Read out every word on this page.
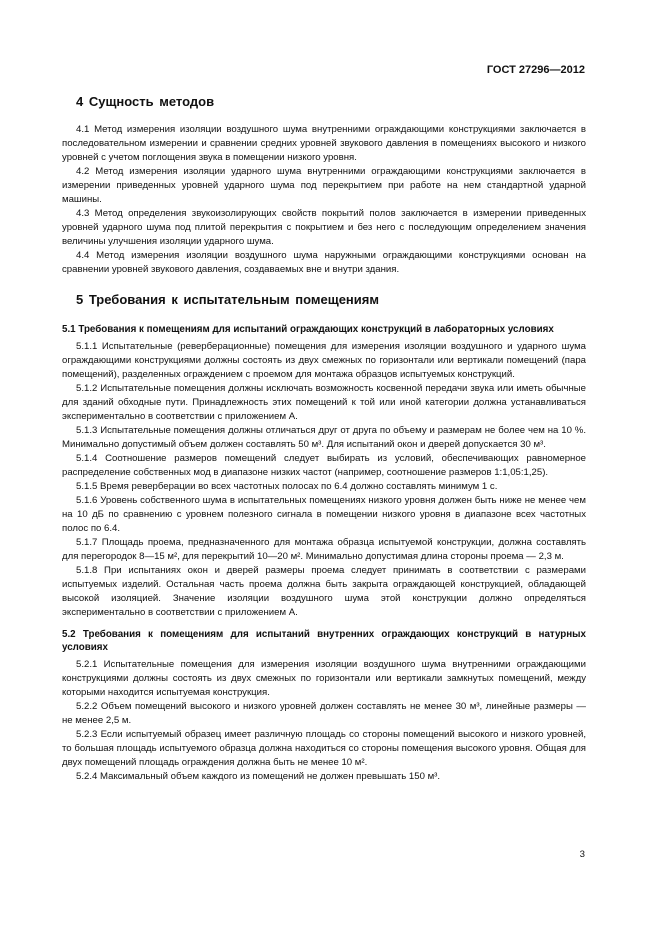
ГОСТ 27296—2012
4 Сущность методов

4.1 Метод измерения изоляции воздушного шума внутренними ограждающими конструкциями заключается в последовательном измерении и сравнении средних уровней звукового давления в помещениях высокого и низкого уровней с учетом поглощения звука в помещении низкого уровня.

4.2 Метод измерения изоляции ударного шума внутренними ограждающими конструкциями заключается в измерении приведенных уровней ударного шума под перекрытием при работе на нем стандартной ударной машины.

4.3 Метод определения звукоизолирующих свойств покрытий полов заключается в измерении приведенных уровней ударного шума под плитой перекрытия с покрытием и без него с последующим определением значения величины улучшения изоляции ударного шума.

4.4 Метод измерения изоляции воздушного шума наружными ограждающими конструкциями основан на сравнении уровней звукового давления, создаваемых вне и внутри здания.

5 Требования к испытательным помещениям
5.1 Требования к помещениям для испытаний ограждающих конструкций в лабораторных условиях

5.1.1 Испытательные (реверберационные) помещения для измерения изоляции воздушного и ударного шума ограждающими конструкциями должны состоять из двух смежных по горизонтали или вертикали помещений (пара помещений), разделенных ограждением с проемом для монтажа образцов испытуемых конструкций.

5.1.2 Испытательные помещения должны исключать возможность косвенной передачи звука или иметь обычные для зданий обходные пути. Принадлежность этих помещений к той или иной категории должна устанавливаться экспериментально в соответствии с приложением А.

5.1.3 Испытательные помещения должны отличаться друг от друга по объему и размерам не более чем на 10 %. Минимально допустимый объем должен составлять 50 м³. Для испытаний окон и дверей допускается 30 м³.

5.1.4 Соотношение размеров помещений следует выбирать из условий, обеспечивающих равномерное распределение собственных мод в диапазоне низких частот (например, соотношение размеров 1:1,05:1,25).

5.1.5 Время реверберации во всех частотных полосах по 6.4 должно составлять минимум 1 с.

5.1.6 Уровень собственного шума в испытательных помещениях низкого уровня должен быть ниже не менее чем на 10 дБ по сравнению с уровнем полезного сигнала в помещении низкого уровня в диапазоне всех частотных полос по 6.4.

5.1.7 Площадь проема, предназначенного для монтажа образца испытуемой конструкции, должна составлять для перегородок 8—15 м², для перекрытий 10—20 м². Минимально допустимая длина стороны проема — 2,3 м.

5.1.8 При испытаниях окон и дверей размеры проема следует принимать в соответствии с размерами испытуемых изделий. Остальная часть проема должна быть закрыта ограждающей конструкцией, обладающей высокой изоляцией. Значение изоляции воздушного шума этой конструкции должно определяться экспериментально в соответствии с приложением А.

5.2 Требования к помещениям для испытаний внутренних ограждающих конструкций в натурных условиях

5.2.1 Испытательные помещения для измерения изоляции воздушного шума внутренними ограждающими конструкциями должны состоять из двух смежных по горизонтали или вертикали замкнутых помещений, между которыми находится испытуемая конструкция.

5.2.2 Объем помещений высокого и низкого уровней должен составлять не менее 30 м³, линейные размеры — не менее 2,5 м.

5.2.3 Если испытуемый образец имеет различную площадь со стороны помещений высокого и низкого уровней, то большая площадь испытуемого образца должна находиться со стороны помещения высокого уровня. Общая для двух помещений площадь ограждения должна быть не менее 10 м².

5.2.4 Максимальный объем каждого из помещений не должен превышать 150 м³.

3
